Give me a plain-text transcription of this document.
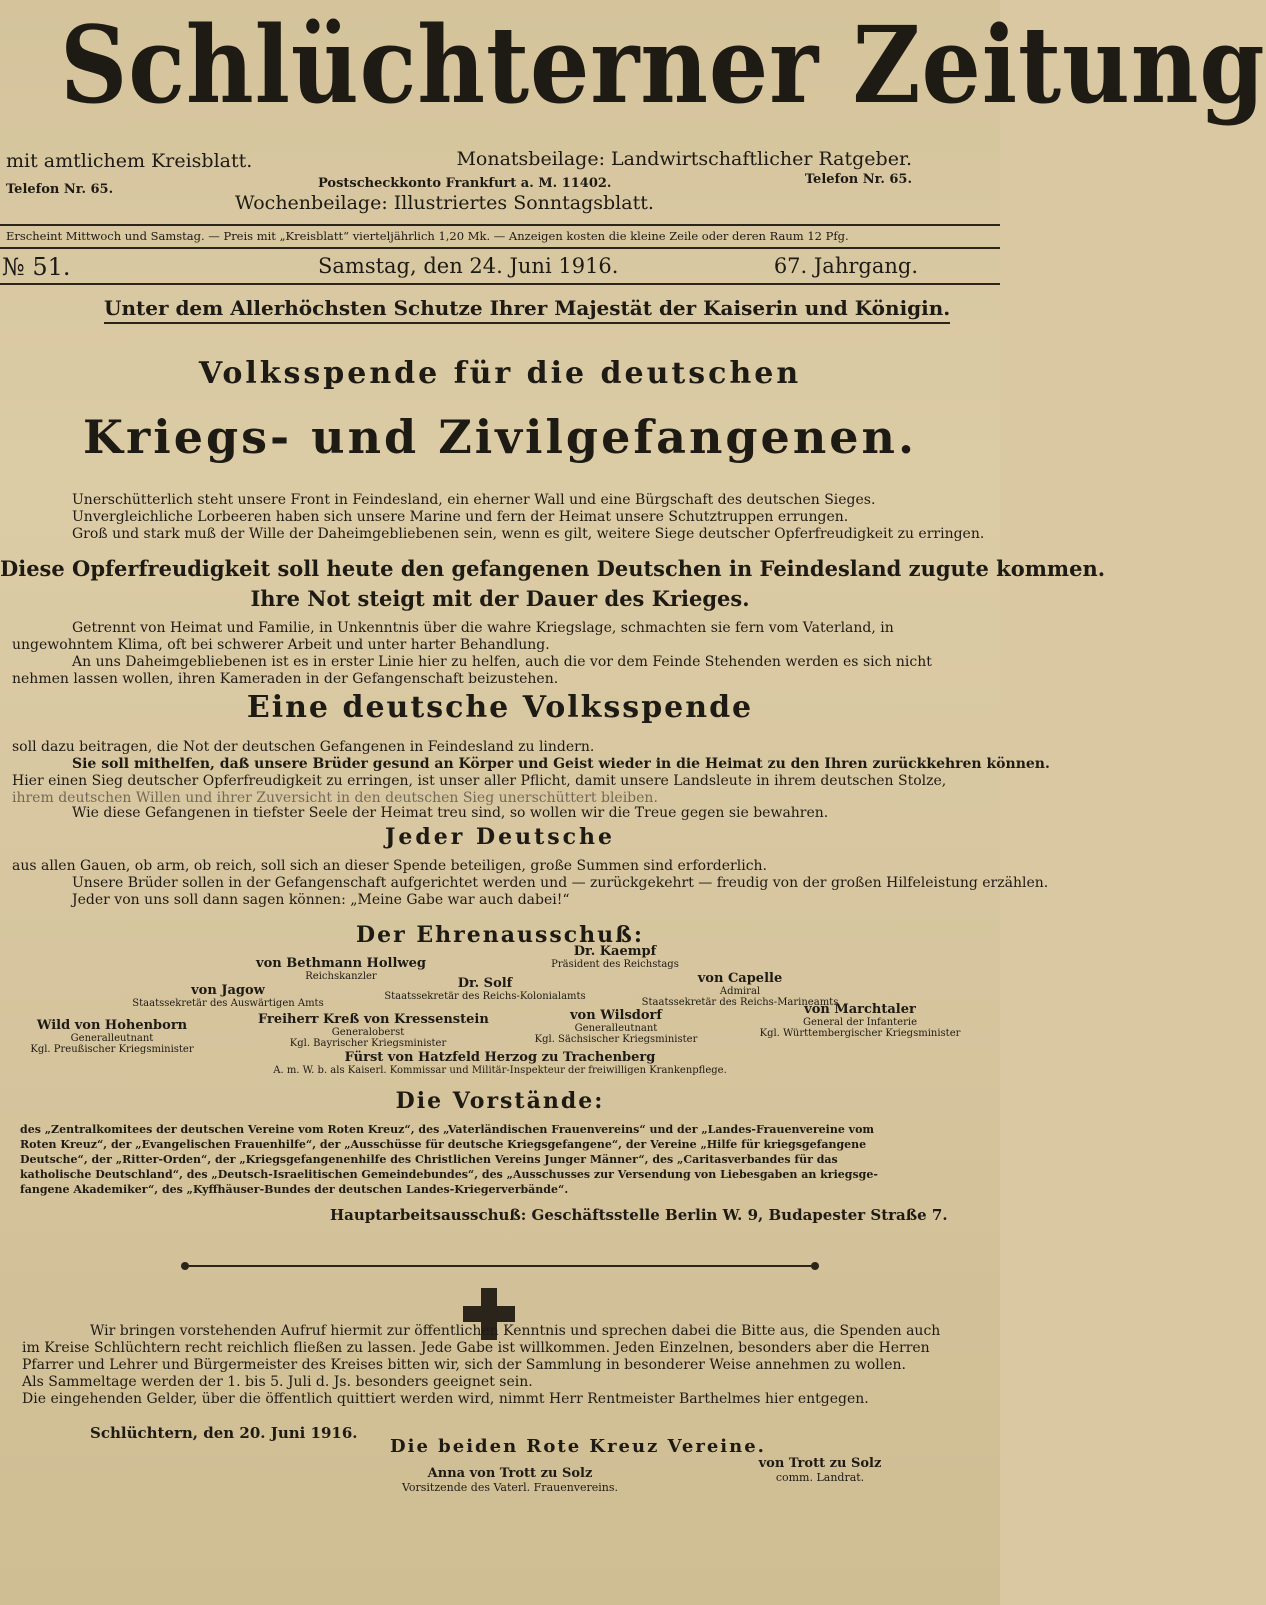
Schlüchterner Zeitung
mit amtlichem Kreisblatt.	Monatsbeilage: Landwirtschaftlicher Ratgeber.
Telefon Nr. 65.	Postscheckkonto Frankfurt a. M. 11402.	Telefon Nr. 65.
Wochenbeilage: Illustriertes Sonntagsblatt.
Erscheint Mittwoch und Samstag. — Preis mit „Kreisblatt“ vierteljährlich 1,20 Mk. — Anzeigen kosten die kleine Zeile oder deren Raum 12 Pfg.
№ 51.	Samstag, den 24. Juni 1916.	67. Jahrgang.
Unter dem Allerhöchsten Schutze Ihrer Majestät der Kaiserin und Königin.
Volksspende für die deutschen
Kriegs- und Zivilgefangenen.
Unerschütterlich steht unsere Front in Feindesland, ein eherner Wall und eine Bürgschaft des deutschen Sieges.
Unvergleichliche Lorbeeren haben sich unsere Marine und fern der Heimat unsere Schutztruppen errungen.
Groß und stark muß der Wille der Daheimgebliebenen sein, wenn es gilt, weitere Siege deutscher Opferfreudigkeit zu erringen.
Diese Opferfreudigkeit soll heute den gefangenen Deutschen in Feindesland zugute kommen.
Ihre Not steigt mit der Dauer des Krieges.
Getrennt von Heimat und Familie, in Unkenntnis über die wahre Kriegslage, schmachten sie fern vom Vaterland, in
ungewohntem Klima, oft bei schwerer Arbeit und unter harter Behandlung.
An uns Daheimgebliebenen ist es in erster Linie hier zu helfen, auch die vor dem Feinde Stehenden werden es sich nicht
nehmen lassen wollen, ihren Kameraden in der Gefangenschaft beizustehen.
Eine deutsche Volksspende
soll dazu beitragen, die Not der deutschen Gefangenen in Feindesland zu lindern.
Sie soll mithelfen, daß unsere Brüder gesund an Körper und Geist wieder in die Heimat zu den Ihren zurückkehren können.
Hier einen Sieg deutscher Opferfreudigkeit zu erringen, ist unser aller Pflicht, damit unsere Landsleute in ihrem deutschen Stolze,
ihrem deutschen Willen und ihrer Zuversicht in den deutschen Sieg unerschüttert bleiben.
Wie diese Gefangenen in tiefster Seele der Heimat treu sind, so wollen wir die Treue gegen sie bewahren.
Jeder Deutsche
aus allen Gauen, ob arm, ob reich, soll sich an dieser Spende beteiligen, große Summen sind erforderlich.
Unsere Brüder sollen in der Gefangenschaft aufgerichtet werden und — zurückgekehrt — freudig von der großen Hilfeleistung erzählen.
Jeder von uns soll dann sagen können: „Meine Gabe war auch dabei!“
Der Ehrenausschuß:
von Bethmann Hollweg
Reichskanzler
Dr. Kaempf
Präsident des Reichstags
von Capelle
Admiral
Staatssekretär des Reichs-Marineamts
von Jagow
Staatssekretär des Auswärtigen Amts
Dr. Solf
Staatssekretär des Reichs-Kolonialamts
Wild von Hohenborn
Generalleutnant
Kgl. Preußischer Kriegsminister
Freiherr Kreß von Kressenstein
Generaloberst
Kgl. Bayrischer Kriegsminister
von Wilsdorf
Generalleutnant
Kgl. Sächsischer Kriegsminister
von Marchtaler
General der Infanterie
Kgl. Württembergischer Kriegsminister
Fürst von Hatzfeld Herzog zu Trachenberg
A. m. W. b. als Kaiserl. Kommissar und Militär-Inspekteur der freiwilligen Krankenpflege.
Die Vorstände:
des „Zentralkomitees der deutschen Vereine vom Roten Kreuz“, des „Vaterländischen Frauenvereins“ und der „Landes-Frauenvereine vom
Roten Kreuz“, der „Evangelischen Frauenhilfe“, der „Ausschüsse für deutsche Kriegsgefangene“, der Vereine „Hilfe für kriegsgefangene
Deutsche“, der „Ritter-Orden“, der „Kriegsgefangenenhilfe des Christlichen Vereins Junger Männer“, des „Caritasverbandes für das
katholische Deutschland“, des „Deutsch-Israelitischen Gemeindebundes“, des „Ausschusses zur Versendung von Liebesgaben an kriegsge-
fangene Akademiker“, des „Kyffhäuser-Bundes der deutschen Landes-Kriegerverbände“.
Hauptarbeitsausschuß: Geschäftsstelle Berlin W. 9, Budapester Straße 7.
Wir bringen vorstehenden Aufruf hiermit zur öffentlichen Kenntnis und sprechen dabei die Bitte aus, die Spenden auch
im Kreise Schlüchtern recht reichlich fließen zu lassen. Jede Gabe ist willkommen. Jeden Einzelnen, besonders aber die Herren
Pfarrer und Lehrer und Bürgermeister des Kreises bitten wir, sich der Sammlung in besonderer Weise annehmen zu wollen.
Als Sammeltage werden der 1. bis 5. Juli d. Js. besonders geeignet sein.
Die eingehenden Gelder, über die öffentlich quittiert werden wird, nimmt Herr Rentmeister Barthelmes hier entgegen.
Schlüchtern, den 20. Juni 1916.
Die beiden Rote Kreuz Vereine.
Anna von Trott zu Solz
Vorsitzende des Vaterl. Frauenvereins.
von Trott zu Solz
comm. Landrat.
